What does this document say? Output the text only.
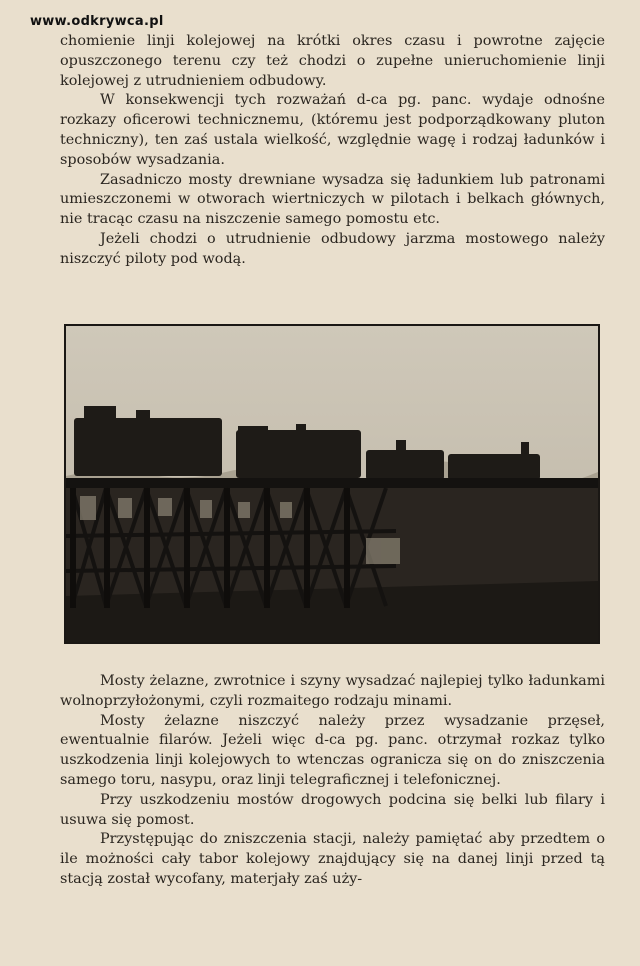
www.odkrywca.pl

chomienie linji kolejowej na krótki okres czasu i powrotne zajęcie opuszczonego terenu czy też chodzi o zupełne unieruchomienie linji kolejowej z utrudnieniem odbudowy.

W konsekwencji tych rozważań d-ca pg. panc. wydaje odnośne rozkazy oficerowi technicznemu, (któremu jest podporządkowany pluton techniczny), ten zaś ustala wielkość, względnie wagę i rodzaj ładunków i sposobów wysadzania.

Zasadniczo mosty drewniane wysadza się ładunkiem lub patronami umieszczonemi w otworach wiertniczych w pilotach i belkach głównych, nie tracąc czasu na niszczenie samego pomostu etc.

Jeżeli chodzi o utrudnienie odbudowy jarzma mostowego należy niszczyć piloty pod wodą.

Mosty żelazne, zwrotnice i szyny wysadzać najlepiej tylko ładunkami wolnoprzyłożonymi, czyli rozmaitego rodzaju minami.

Mosty żelazne niszczyć należy przez wysadzanie przęseł, ewentualnie filarów. Jeżeli więc d-ca pg. panc. otrzymał rozkaz tylko uszkodzenia linji kolejowych to wtenczas ogranicza się on do zniszczenia samego toru, nasypu, oraz linji telegraficznej i telefonicznej.

Przy uszkodzeniu mostów drogowych podcina się belki lub filary i usuwa się pomost.

Przystępując do zniszczenia stacji, należy pamiętać aby przedtem o ile możności cały tabor kolejowy znajdujący się na danej linji przed tą stacją został wycofany, materjały zaś uży-
